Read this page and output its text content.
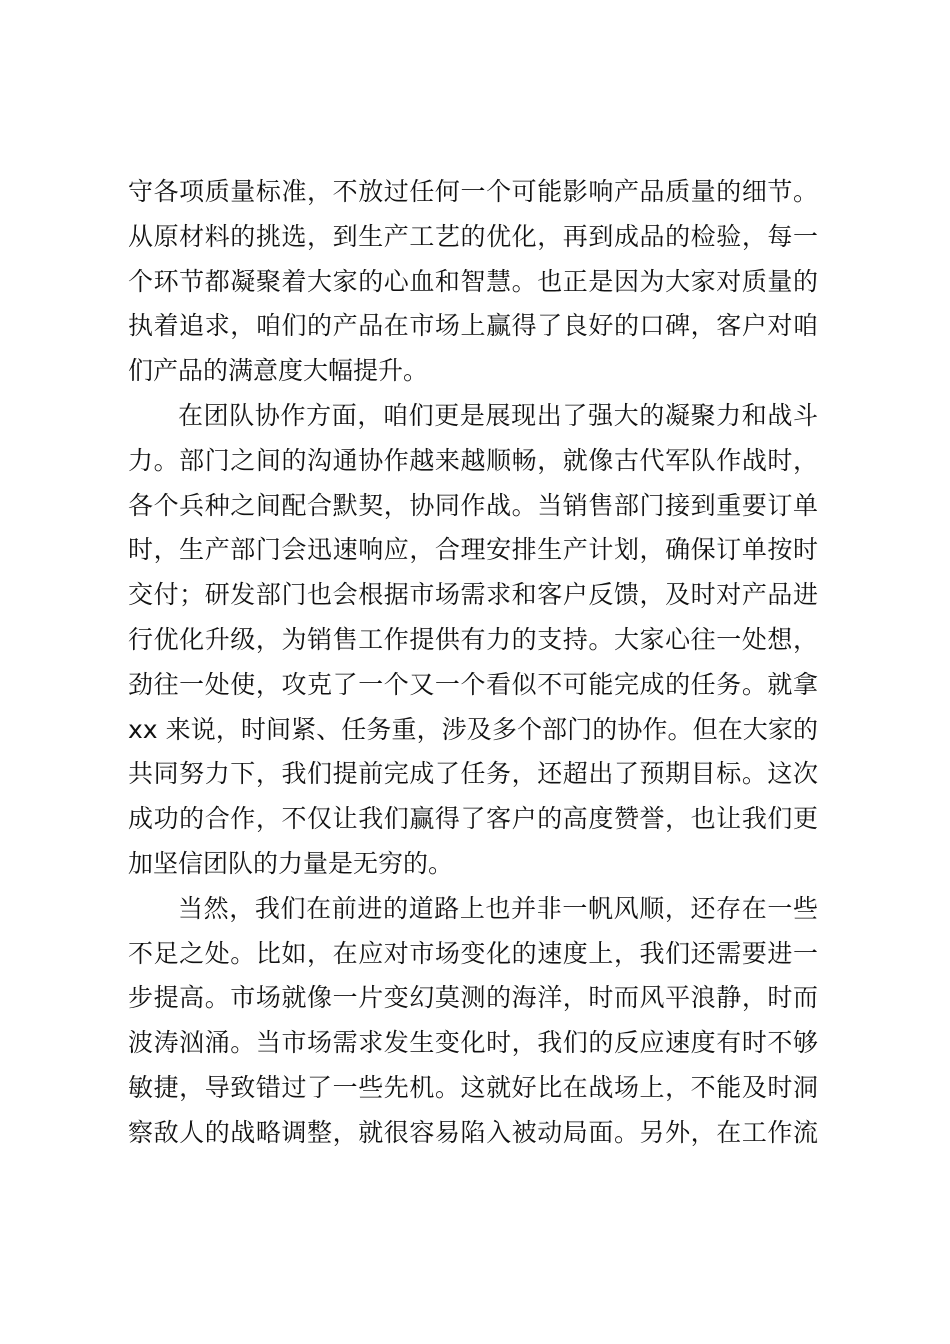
守各项质量标准，不放过任何一个可能影响产品质量的细节。
从原材料的挑选，到生产工艺的优化，再到成品的检验，每一
个环节都凝聚着大家的心血和智慧。也正是因为大家对质量的
执着追求，咱们的产品在市场上赢得了良好的口碑，客户对咱
们产品的满意度大幅提升。
在团队协作方面，咱们更是展现出了强大的凝聚力和战斗
力。部门之间的沟通协作越来越顺畅，就像古代军队作战时，
各个兵种之间配合默契，协同作战。当销售部门接到重要订单
时，生产部门会迅速响应，合理安排生产计划，确保订单按时
交付；研发部门也会根据市场需求和客户反馈，及时对产品进
行优化升级，为销售工作提供有力的支持。大家心往一处想，
劲往一处使，攻克了一个又一个看似不可能完成的任务。就拿
xx 来说，时间紧、任务重，涉及多个部门的协作。但在大家的
共同努力下，我们提前完成了任务，还超出了预期目标。这次
成功的合作，不仅让我们赢得了客户的高度赞誉，也让我们更
加坚信团队的力量是无穷的。
当然，我们在前进的道路上也并非一帆风顺，还存在一些
不足之处。比如，在应对市场变化的速度上，我们还需要进一
步提高。市场就像一片变幻莫测的海洋，时而风平浪静，时而
波涛汹涌。当市场需求发生变化时，我们的反应速度有时不够
敏捷，导致错过了一些先机。这就好比在战场上，不能及时洞
察敌人的战略调整，就很容易陷入被动局面。另外，在工作流
